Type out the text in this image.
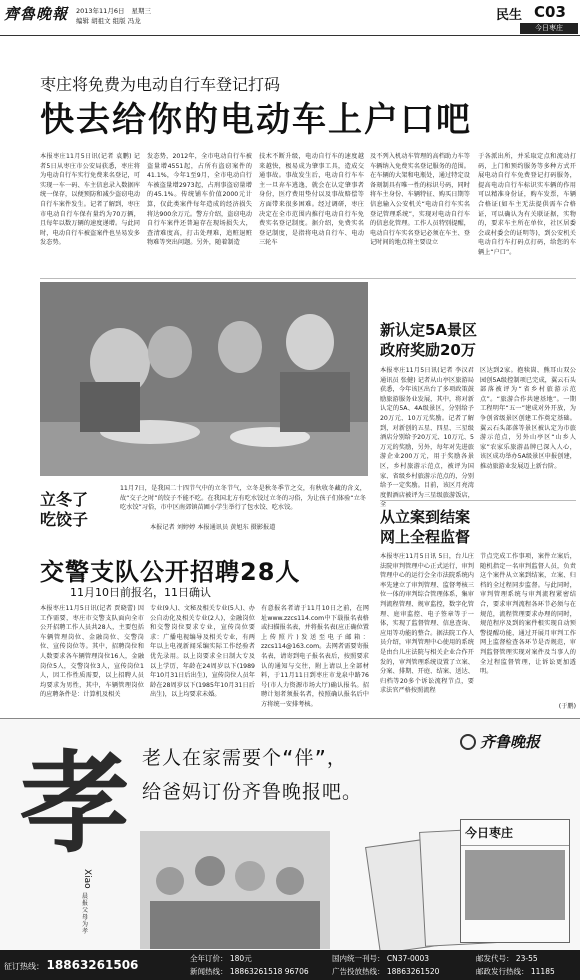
齊魯晚報 2013年11月6日 星期三
编辑 胡祖文 组版 冯龙	民生 C03
今日枣庄
枣庄将免费为电动自行车登记打码
快去给你的电动车上户口吧
本报枣庄11月5日讯(记者 袁鹏) 记者5日从枣庄市公安局获悉，枣庄将为电动自行车实行免费来名登记，可实现一车一码、车主信息录入数据库统一保存，以便预防和减少盗窃电动自行车案件发生。记者了解到，枣庄市电动自行车保有量约为70万辆，且每年以数万辆的速度递增。与此同时，电动自行车被盗案件也呈易发多发态势。
发态势，2012年，全市电动自行车被盗量增4551起，占所有盗窃案件的41.1%，今年1至9月，全市电动自行车被盗量增2973起，占刑事盗窃量增的45.1%。传统铺车价值2000元计算，仅此类案件每年造成的经济损失将达900余万元。警方介绍，盗窃电动自行车案件还普遍存在现场损失大，查清难度高，打击处理难，追赃退赃物难等突出问题。另外，随着制造
技术不断升级，电动自行车的速度越来越快，极易成为肇事工具，造成交通事故。事故发生后，电动自行车车主一旦弃车逃逸，就会在认定肇事者身份，医疗费用垫付以及事故赔偿等方面带来很多困难。经过调研，枣庄决定在全市范围内推行电动自行车免费实名登记制度。据介绍，免费实名登记制度，是指将电动自行车、电动三轮车
及不列入机动车管理的高档助力车等车辆纳入免费实名登记服务的范围。在车辆的大架和电瓶处，通过特定设备刻制具有唯一性的标识号码，同时将车主身份、车辆特征、购买日期等信息输入公安机关“电动自行车实名登记管理系统”，实现对电动自行车的信息化管理。工作人员特别提醒，电动自行车实名登记必须在车主、登记时间的地点将主要设立
于各派出所，并采取定点和流动打码，上门和预约服务等多种方式开展电动自行车免费登记打码服务，提高电动自行车标识实车辆的作用可以精准身份证，购车发票，车辆合格证(如车主无法提供需车合格证，可以确认为有关联证据，实物的，要求车主所在单位，社区居委会或村委会的证明等)，到公安机关电动自行车打码点打码，给您的车辆上“户口”。
立冬了
吃饺子
11月7日，是我国二十四节气中的立冬节气，立冬是秋冬季节之交，有秋收冬藏的含义，故“交子之时”的饺子不能不吃。在我国北方有吃水饺过立冬的习俗，为让孩子们体验“立冬吃水饺”习俗，市中区南郊镇苗圃小学生举行了包水饺、吃水饺。
本报记者 刘婷婷 本报通讯员 黄旭东 摄影报道
新认定5A景区
政府奖励20万
本报枣庄11月5日讯(记者 李汉君 通讯员 张健) 记者从山亭区旅游局获悉，今年该区出台了多项政策鼓励旅游服务业发展，其中，将对新认定的5A、4A级景区，分别给予20万元、10万元奖励。记者了解到，对新创的五星、四星、三星级酒店分别给予20万元、10万元、5万元的奖励，另外，每年对先进旅游企业200万元，用于奖励各景区，乡村旅游示范点，被评为国家、省级乡村旅游示范点的，分别给予一定奖励。目前，该区月亮湾度假酒店被评为三星级旅游饭店，全
区达到2家。抱犊崮、熊耳山双公园创5A级控制项已完成，翼云石头部落被评为“省乡村旅游示范点”。“旅游合作共建基地”。一期工程明年“五一”建成对外开放，为争创省级景区创建工作奠定基础。翼云石头部落等景区被认定为市旅游示范点，另外山亭区“山乡人家”农家乐旅游品牌已深入人心，该区成功举办5A级景区申报创建，推动旅游业发展迈上新台阶。
从立案到结案
网上全程监督
本报枣庄11月5日讯 5日，台儿庄法院审判管理中心正式运行，审判管理中心的运行会全市法院系统内率先建立了审判管理、监督考核三位一体的审判综合管理体系，集审判流程管理、规审监控，数字化管理、庭审监控、电子签章等于一体，实现了监督管理、信息查询、应用等功能的整合。据法院工作人员介绍，审判管理中心使用的系统是由台儿庄法院与相关企业合作开发的，审判管理系统设置了立案、分案、排期、开庭、结案、送达、归档等20多个诉讼流程节点，要求法官严格按照流程
节点完成工作事项，案件立案后，随机指定一名审判监督人员，负责这个案件从立案到结案，立案、归档的全过程同步监督。与此同时，审判管理系统与审判流程紧密结合，要求审判流程各环节必须与在规范，流程管理要求办理的同时，规范程序及到的案件根实现自动预警提醒功能，通过开展月审判工作网上监督检查各环节是否规范，审判监督管理实现对案件及当事人的全过程监督管理，让诉讼更加透明。
(于鹏)
交警支队公开招聘28人
11月10日前报名，11日确认
本报枣庄11月5日讯(记者 贾晓蕾) 因工作需要，枣庄市交警支队面向全市公开招聘工作人员共28人，主要包括车辆管理岗位、金融岗位、交警岗位、宣传岗位等。其中，招聘岗位和人数要求各车辆管理岗位16人，金融岗位5人，交警岗位3人，宣传岗位1人，因工作性质需要，以上招聘人员均要求为男性，其中，车辆管理岗位的应聘条件是：计算机及相关
专业(9人)、文秘及相关专业(5人)、办公自动化及相关专业(2人)，金融岗位和交警岗位要求专业，宣传岗位要求：广播电视编导及相关专业，有两年以上电视新闻采编实际工作经验者优先录用。以上岗要求全日制大专及以上学历，年龄在24周岁以下(1989年10月31日后出生)，宣传岗位人员年龄在28周岁以下(1985年10月31日后出生)，以上均要求未婚。
有意报名者请于11月10日之前，在网址www.zzcs114.com中下载报名表格或扫描报名表，并将报名表(应正确位置上传照片)发送至电子邮箱：zzcs114@163.com。去网者需要寄报名表，请寄到电子报名表后，按照要求认的通知与交往，附上请以上全部材料，于11月11日到枣庄市龙泉中路76号(市人力资源市场大厅)确认报名。招聘计划者须报名者，按照确认报名后中方将统一安排考核。
孝
Xiao
晨报父母为孝
老人在家需要个“伴”，
给爸妈订份齐鲁晚报吧。
齐鲁晚报
今日枣庄
征订热线： 18863261506	全年订价： 180元
新闻热线： 18863261518 96706
国内统一刊号： CN37-0003
广告投放热线： 18863261520
邮发代号： 23-55
邮政发行热线： 11185
